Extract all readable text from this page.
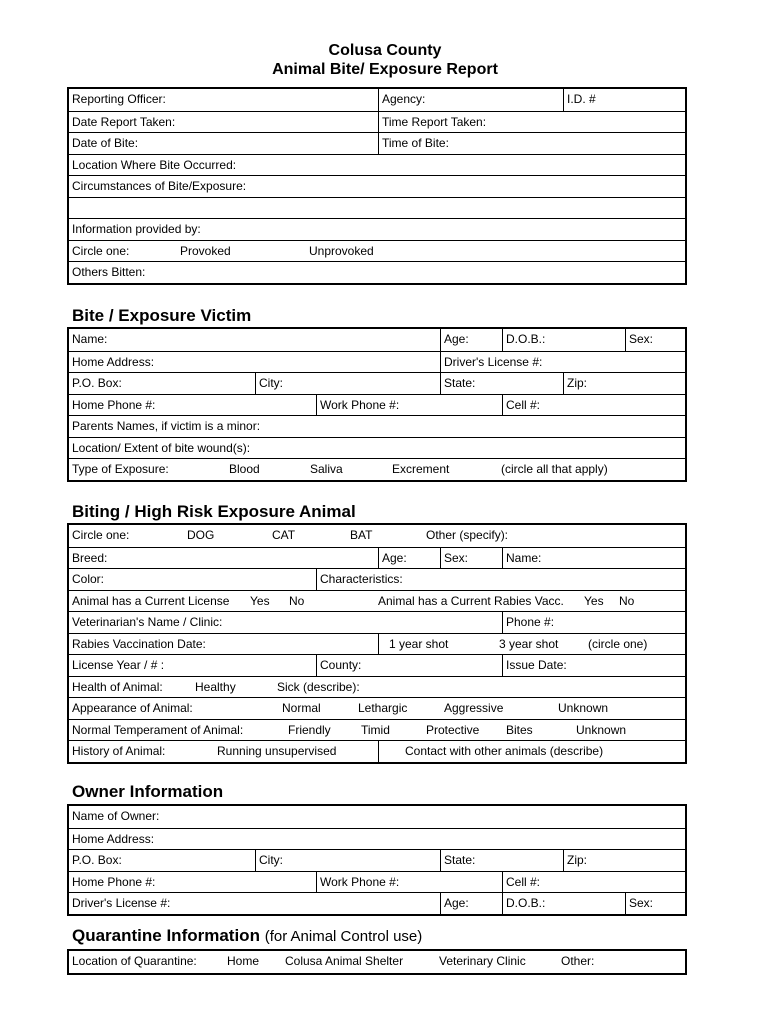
Colusa County
Animal Bite/ Exposure Report
Reporting Officer:	Agency:	I.D. #
Date Report Taken:	Time Report Taken:
Date of Bite:	Time of Bite:
Location Where Bite Occurred:
Circumstances of Bite/Exposure:
Information provided by:
Circle one:	Provoked	Unprovoked
Others Bitten:
Bite / Exposure Victim
Name:	Age:	D.O.B.:	Sex:
Home Address:	Driver's License #:
P.O. Box:	City:	State:	Zip:
Home Phone #:	Work Phone #:	Cell #:
Parents Names, if victim is a minor:
Location/ Extent of bite wound(s):
Type of Exposure:	Blood	Saliva	Excrement	(circle all that apply)
Biting / High Risk Exposure Animal
Circle one:	DOG	CAT	BAT	Other (specify):
Breed:	Age:	Sex:	Name:
Color:	Characteristics:
Animal has a Current License Yes No	Animal has a Current Rabies Vacc. Yes No
Veterinarian's Name / Clinic:	Phone #:
Rabies Vaccination Date:	1 year shot	3 year shot (circle one)
License Year / # :	County:	Issue Date:
Health of Animal:	Healthy	Sick (describe):
Appearance of Animal:	Normal	Lethargic	Aggressive	Unknown
Normal Temperament of Animal:	Friendly	Timid	Protective Bites	Unknown
History of Animal:	Running unsupervised	Contact with other animals (describe)
Owner Information
Name of Owner:
Home Address:
P.O. Box:	City:	State:	Zip:
Home Phone #:	Work Phone #:	Cell #:
Driver's License #:	Age:	D.O.B.:	Sex:
Quarantine Information (for Animal Control use)
Location of Quarantine:	Home Colusa Animal Shelter	Veterinary Clinic	Other:
